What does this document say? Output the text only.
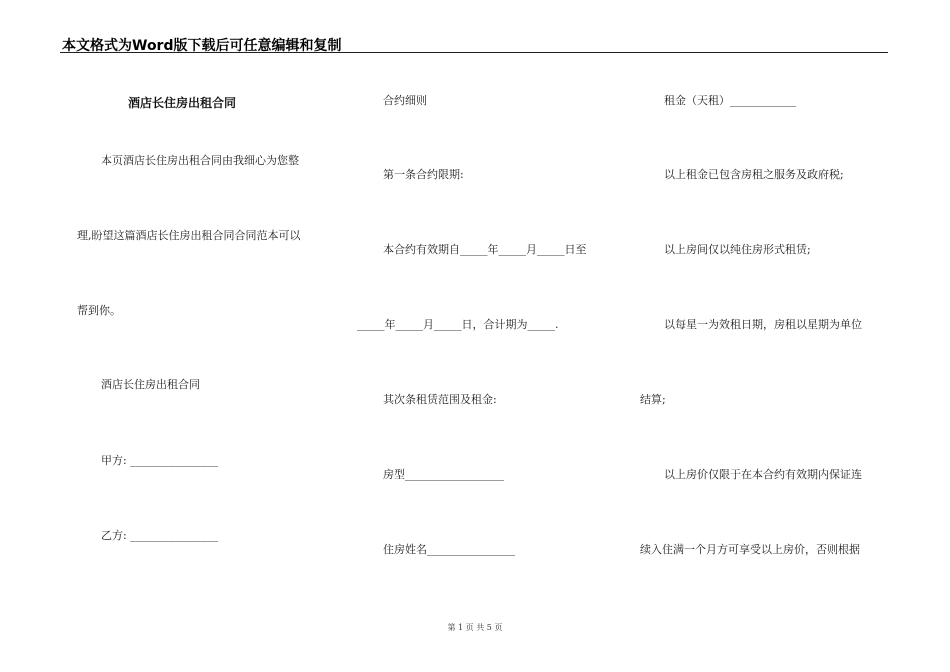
本文格式为Word版下载后可任意编辑和复制
酒店长住房出租合同
本页酒店长住房出租合同由我细心为您整
理,盼望这篇酒店长住房出租合同合同范本可以
帮到你。
酒店长住房出租合同
甲方: ________________
乙方: ________________
合约细则
第一条合约限期:
本合约有效期自_____年_____月_____日至
_____年_____月_____日，合计期为_____.
其次条租赁范围及租金:
房型__________________
住房姓名________________
租金（天租）____________
以上租金已包含房租之服务及政府税;
以上房间仅以纯住房形式租赁;
以每星一为效租日期，房租以星期为单位
结算;
以上房价仅限于在本合约有效期内保证连
续入住满一个月方可享受以上房价，否则根据
第 1 页 共 5 页
